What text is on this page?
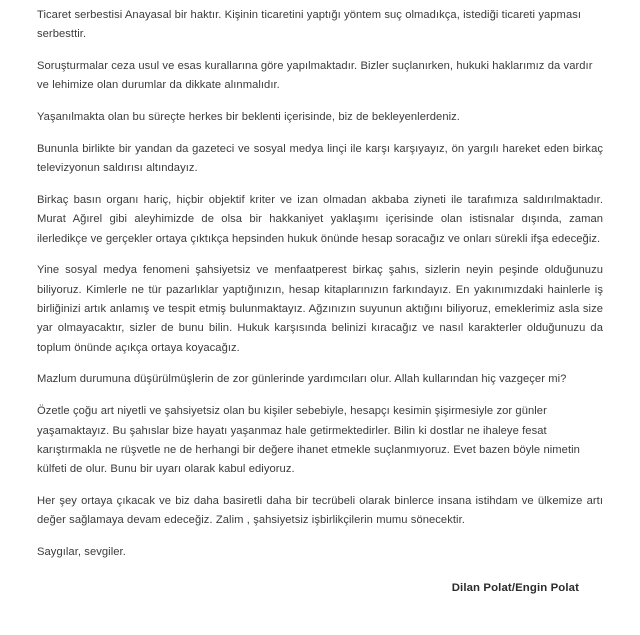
Ticaret serbestisi Anayasal bir haktır. Kişinin ticaretini yaptığı yöntem suç olmadıkça, istediği ticareti yapması serbesttir.

Soruşturmalar ceza usul ve esas kurallarına göre yapılmaktadır. Bizler suçlanırken, hukuki haklarımız da vardır ve lehimize olan durumlar da dikkate alınmalıdır.

Yaşanılmakta olan bu süreçte herkes bir beklenti içerisinde, biz de bekleyenlerdeniz.

Bununla birlikte bir yandan da gazeteci ve sosyal medya linçi ile karşı karşıyayız, ön yargılı hareket eden birkaç televizyonun saldırısı altındayız.

Birkaç basın organı hariç, hiçbir objektif kriter ve izan olmadan akbaba ziyneti ile tarafımıza saldırılmaktadır. Murat Ağırel gibi aleyhimizde de olsa bir hakkaniyet yaklaşımı içerisinde olan istisnalar dışında, zaman ilerledikçe ve gerçekler ortaya çıktıkça hepsinden hukuk önünde hesap soracağız ve onları sürekli ifşa edeceğiz.

Yine sosyal medya fenomeni şahsiyetsiz ve menfaatperest birkaç şahıs, sizlerin neyin peşinde olduğunuzu biliyoruz. Kimlerle ne tür pazarlıklar yaptığınızın, hesap kitaplarınızın farkındayız. En yakınımızdaki hainlerle iş birliğinizi artık anlamış ve tespit etmiş bulunmaktayız. Ağzınızın suyunun aktığını biliyoruz, emeklerimiz asla size yar olmayacaktır, sizler de bunu bilin. Hukuk karşısında belinizi kıracağız ve nasıl karakterler olduğunuzu da toplum önünde açıkça ortaya koyacağız.

Mazlum durumuna düşürülmüşlerin de zor günlerinde yardımcıları olur. Allah kullarından hiç vazgeçer mi?

Özetle çoğu art niyetli ve şahsiyetsiz olan bu kişiler sebebiyle, hesapçı kesimin şişirmesiyle zor günler yaşamaktayız. Bu şahıslar bize hayatı yaşanmaz hale getirmektedirler. Bilin ki dostlar ne ihaleye fesat karıştırmakla ne rüşvetle ne de herhangi bir değere ihanet etmekle suçlanmıyoruz. Evet bazen böyle nimetin külfeti de olur. Bunu bir uyarı olarak kabul ediyoruz.

Her şey ortaya çıkacak ve biz daha basiretli daha bir tecrübeli olarak binlerce insana istihdam ve ülkemize artı değer sağlamaya devam edeceğiz. Zalim , şahsiyetsiz işbirlikçilerin mumu sönecektir.

Saygılar, sevgiler.

Dilan Polat/Engin Polat
